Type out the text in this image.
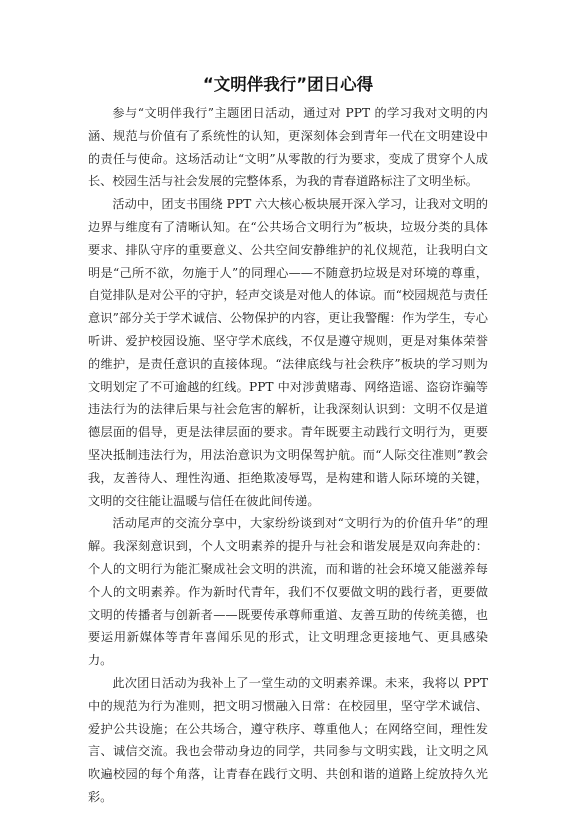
“文明伴我行”团日心得

参与“文明伴我行”主题团日活动，通过对 PPT 的学习我对文明的内涵、规范与价值有了系统性的认知，更深刻体会到青年一代在文明建设中的责任与使命。这场活动让“文明”从零散的行为要求，变成了贯穿个人成长、校园生活与社会发展的完整体系，为我的青春道路标注了文明坐标。

活动中，团支书围绕 PPT 六大核心板块展开深入学习，让我对文明的边界与维度有了清晰认知。在“公共场合文明行为”板块，垃圾分类的具体要求、排队守序的重要意义、公共空间安静维护的礼仪规范，让我明白文明是“己所不欲，勿施于人”的同理心——不随意扔垃圾是对环境的尊重，自觉排队是对公平的守护，轻声交谈是对他人的体谅。而“校园规范与责任意识”部分关于学术诚信、公物保护的内容，更让我警醒：作为学生，专心听讲、爱护校园设施、坚守学术底线，不仅是遵守规则，更是对集体荣誉的维护，是责任意识的直接体现。“法律底线与社会秩序”板块的学习则为文明划定了不可逾越的红线。PPT 中对涉黄赌毒、网络造谣、盗窃诈骗等违法行为的法律后果与社会危害的解析，让我深刻认识到：文明不仅是道德层面的倡导，更是法律层面的要求。青年既要主动践行文明行为，更要坚决抵制违法行为，用法治意识为文明保驾护航。而“人际交往准则”教会我，友善待人、理性沟通、拒绝欺凌辱骂，是构建和谐人际环境的关键，文明的交往能让温暖与信任在彼此间传递。

活动尾声的交流分享中，大家纷纷谈到对“文明行为的价值升华”的理解。我深刻意识到，个人文明素养的提升与社会和谐发展是双向奔赴的：个人的文明行为能汇聚成社会文明的洪流，而和谐的社会环境又能滋养每个人的文明素养。作为新时代青年，我们不仅要做文明的践行者，更要做文明的传播者与创新者——既要传承尊师重道、友善互助的传统美德，也要运用新媒体等青年喜闻乐见的形式，让文明理念更接地气、更具感染力。

此次团日活动为我补上了一堂生动的文明素养课。未来，我将以 PPT 中的规范为行为准则，把文明习惯融入日常：在校园里，坚守学术诚信、爱护公共设施；在公共场合，遵守秩序、尊重他人；在网络空间，理性发言、诚信交流。我也会带动身边的同学，共同参与文明实践，让文明之风吹遍校园的每个角落，让青春在践行文明、共创和谐的道路上绽放持久光彩。
